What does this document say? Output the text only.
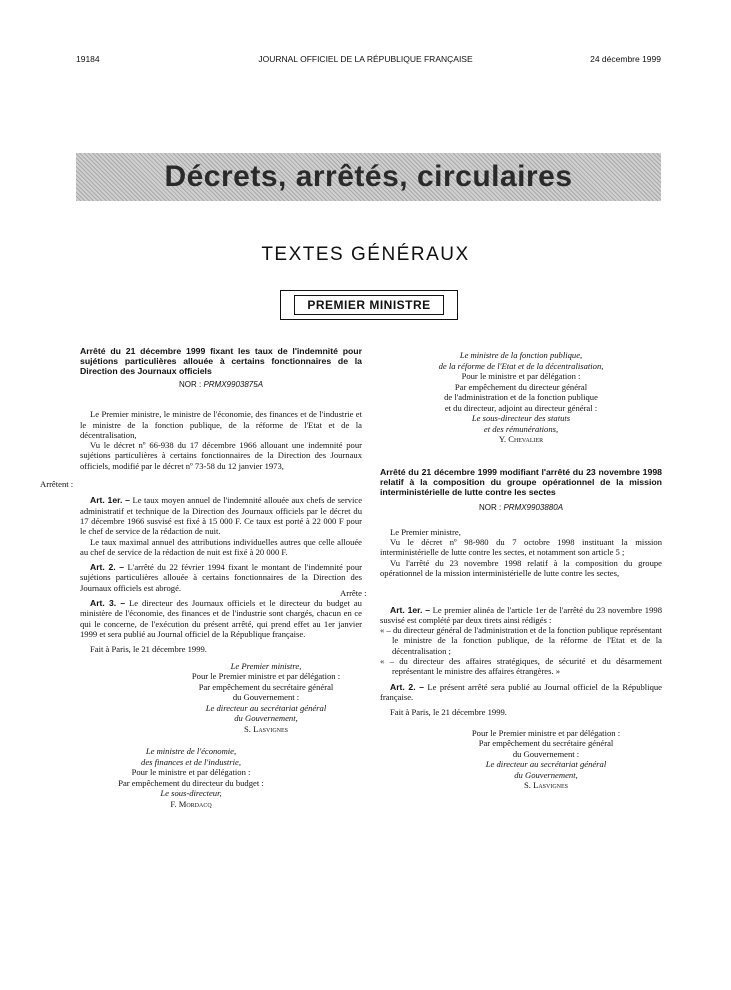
19184	JOURNAL OFFICIEL DE LA RÉPUBLIQUE FRANÇAISE	24 décembre 1999
Décrets, arrêtés, circulaires
TEXTES GÉNÉRAUX
PREMIER MINISTRE
Arrêté du 21 décembre 1999 fixant les taux de l'indemnité pour sujétions particulières allouée à certains fonctionnaires de la Direction des Journaux officiels
NOR : PRMX9903875A

Le Premier ministre, le ministre de l'économie, des finances et de l'industrie et le ministre de la fonction publique, de la réforme de l'Etat et de la décentralisation,

Vu le décret nº 66-938 du 17 décembre 1966 allouant une indemnité pour sujétions particulières à certains fonctionnaires de la Direction des Journaux officiels, modifié par le décret nº 73-58 du 12 janvier 1973,

Arrêtent :

Art. 1er. – Le taux moyen annuel de l'indemnité allouée aux chefs de service administratif et technique de la Direction des Journaux officiels par le décret du 17 décembre 1966 susvisé est fixé à 15 000 F. Ce taux est porté à 22 000 F pour le chef de service de la rédaction de nuit.

Le taux maximal annuel des attributions individuelles autres que celle allouée au chef de service de la rédaction de nuit est fixé à 20 000 F.

Art. 2. – L'arrêté du 22 février 1994 fixant le montant de l'indemnité pour sujétions particulières allouée à certains fonctionnaires de la Direction des Journaux officiels est abrogé.

Art. 3. – Le directeur des Journaux officiels et le directeur du budget au ministère de l'économie, des finances et de l'industrie sont chargés, chacun en ce qui le concerne, de l'exécution du présent arrêté, qui prend effet au 1er janvier 1999 et sera publié au Journal officiel de la République française.

Fait à Paris, le 21 décembre 1999.

Le Premier ministre,
Pour le Premier ministre et par délégation :
Par empêchement du secrétaire général
du Gouvernement :
Le directeur au secrétariat général
du Gouvernement,
S. Lasvignes
Le ministre de l'économie,
des finances et de l'industrie,
Pour le ministre et par délégation :
Par empêchement du directeur du budget :
Le sous-directeur,
F. Mordacq
Le ministre de la fonction publique,
de la réforme de l'Etat et de la décentralisation,
Pour le ministre et par délégation :
Par empêchement du directeur général
de l'administration et de la fonction publique
et du directeur, adjoint au directeur général :
Le sous-directeur des statuts
et des rémunérations,
Y. Chevalier
Arrêté du 21 décembre 1999 modifiant l'arrêté du 23 novembre 1998 relatif à la composition du groupe opérationnel de la mission interministérielle de lutte contre les sectes
NOR : PRMX9903880A

Le Premier ministre,

Vu le décret nº 98-980 du 7 octobre 1998 instituant la mission interministérielle de lutte contre les sectes, et notamment son article 5 ;

Vu l'arrêté du 23 novembre 1998 relatif à la composition du groupe opérationnel de la mission interministérielle de lutte contre les sectes,

Arrête :

Art. 1er. – Le premier alinéa de l'article 1er de l'arrêté du 23 novembre 1998 susvisé est complété par deux tirets ainsi rédigés :

« – du directeur général de l'administration et de la fonction publique représentant le ministre de la fonction publique, de la réforme de l'Etat et de la décentralisation ;

« – du directeur des affaires stratégiques, de sécurité et du désarmement représentant le ministre des affaires étrangères. »

Art. 2. – Le présent arrêté sera publié au Journal officiel de la République française.

Fait à Paris, le 21 décembre 1999.

Pour le Premier ministre et par délégation :
Par empêchement du secrétaire général
du Gouvernement :
Le directeur au secrétariat général
du Gouvernement,
S. Lasvignes
